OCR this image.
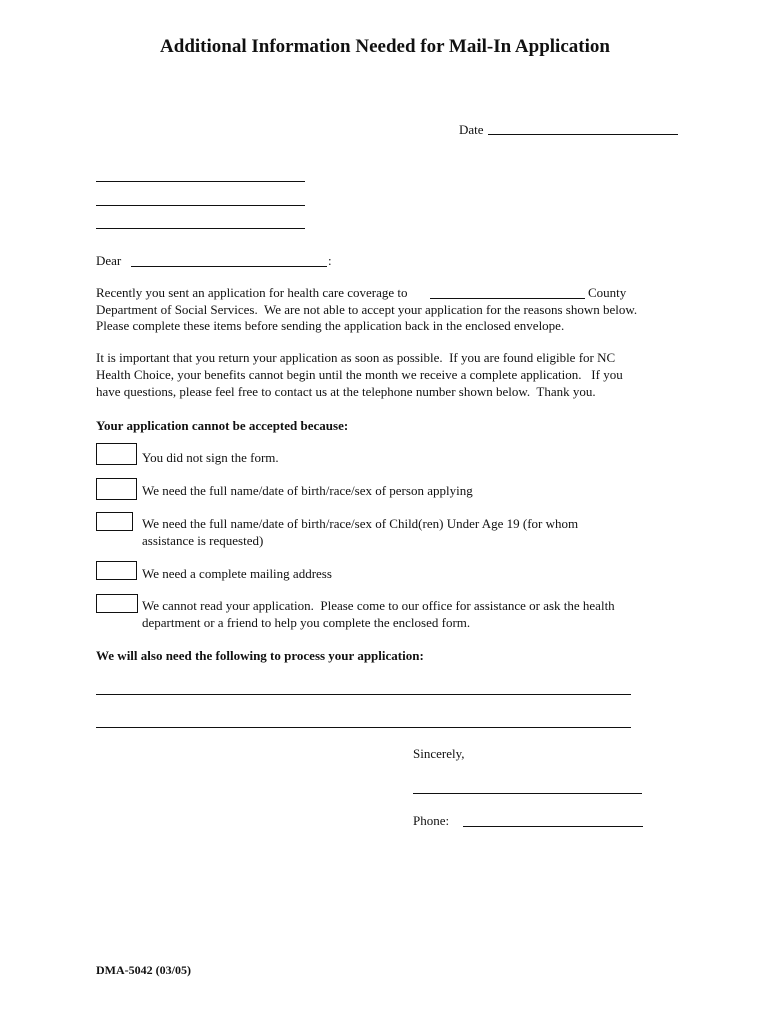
Additional Information Needed for Mail-In Application
Date
Dear	:
Recently you sent an application for health care coverage to	County
Department of Social Services.  We are not able to accept your application for the reasons shown below.
Please complete these items before sending the application back in the enclosed envelope.
It is important that you return your application as soon as possible.  If you are found eligible for NC
Health Choice, your benefits cannot begin until the month we receive a complete application.   If you
have questions, please feel free to contact us at the telephone number shown below.  Thank you.
Your application cannot be accepted because:
You did not sign the form.
We need the full name/date of birth/race/sex of person applying
We need the full name/date of birth/race/sex of Child(ren) Under Age 19 (for whom
assistance is requested)
We need a complete mailing address
We cannot read your application.  Please come to our office for assistance or ask the health
department or a friend to help you complete the enclosed form.
We will also need the following to process your application:
Sincerely,
Phone:
DMA-5042 (03/05)
